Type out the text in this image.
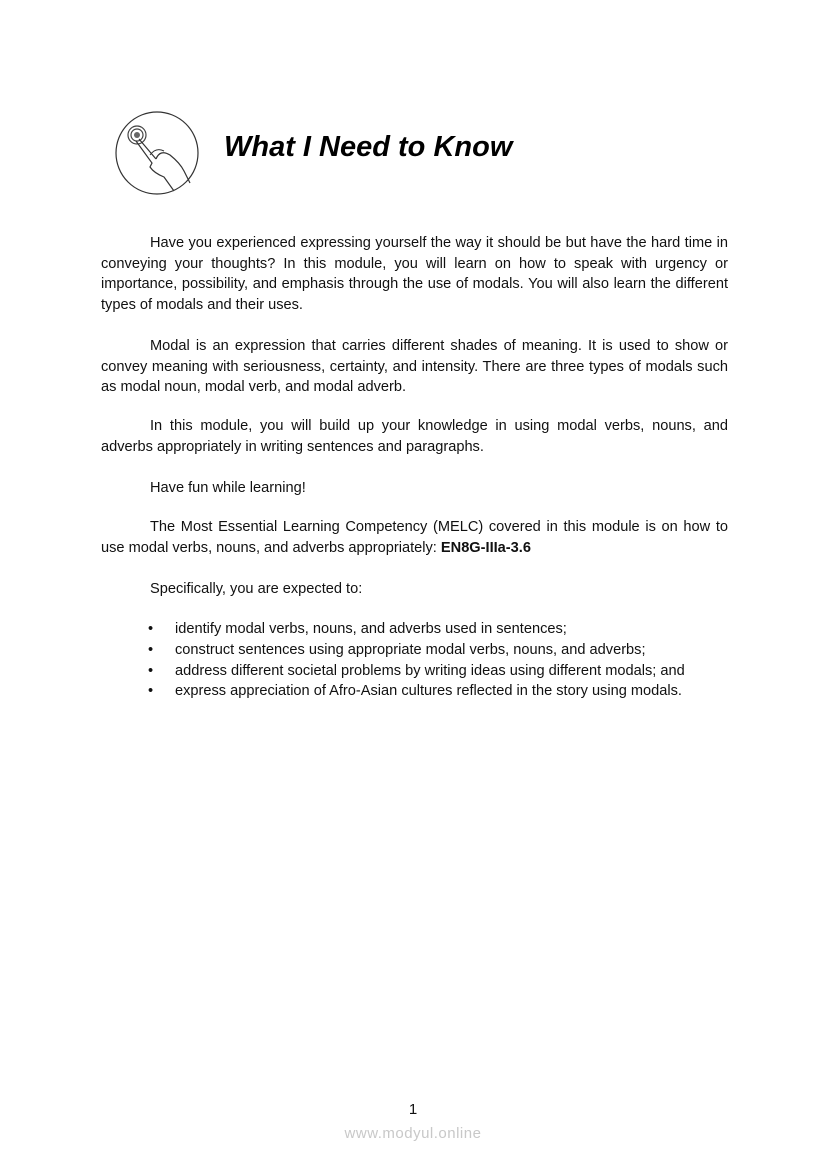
What I Need to Know

Have you experienced expressing yourself the way it should be but have the hard time in conveying your thoughts? In this module, you will learn on how to speak with urgency or importance, possibility, and emphasis through the use of modals. You will also learn the different types of modals and their uses.

Modal is an expression that carries different shades of meaning. It is used to show or convey meaning with seriousness, certainty, and intensity. There are three types of modals such as modal noun, modal verb, and modal adverb.

In this module, you will build up your knowledge in using modal verbs, nouns, and adverbs appropriately in writing sentences and paragraphs.

Have fun while learning!

The Most Essential Learning Competency (MELC) covered in this module is on how to use modal verbs, nouns, and adverbs appropriately: EN8G-IIIa-3.6

Specifically, you are expected to:

• identify modal verbs, nouns, and adverbs used in sentences;
• construct sentences using appropriate modal verbs, nouns, and adverbs;
• address different societal problems by writing ideas using different modals; and
• express appreciation of Afro-Asian cultures reflected in the story using modals.
1
www.modyul.online
